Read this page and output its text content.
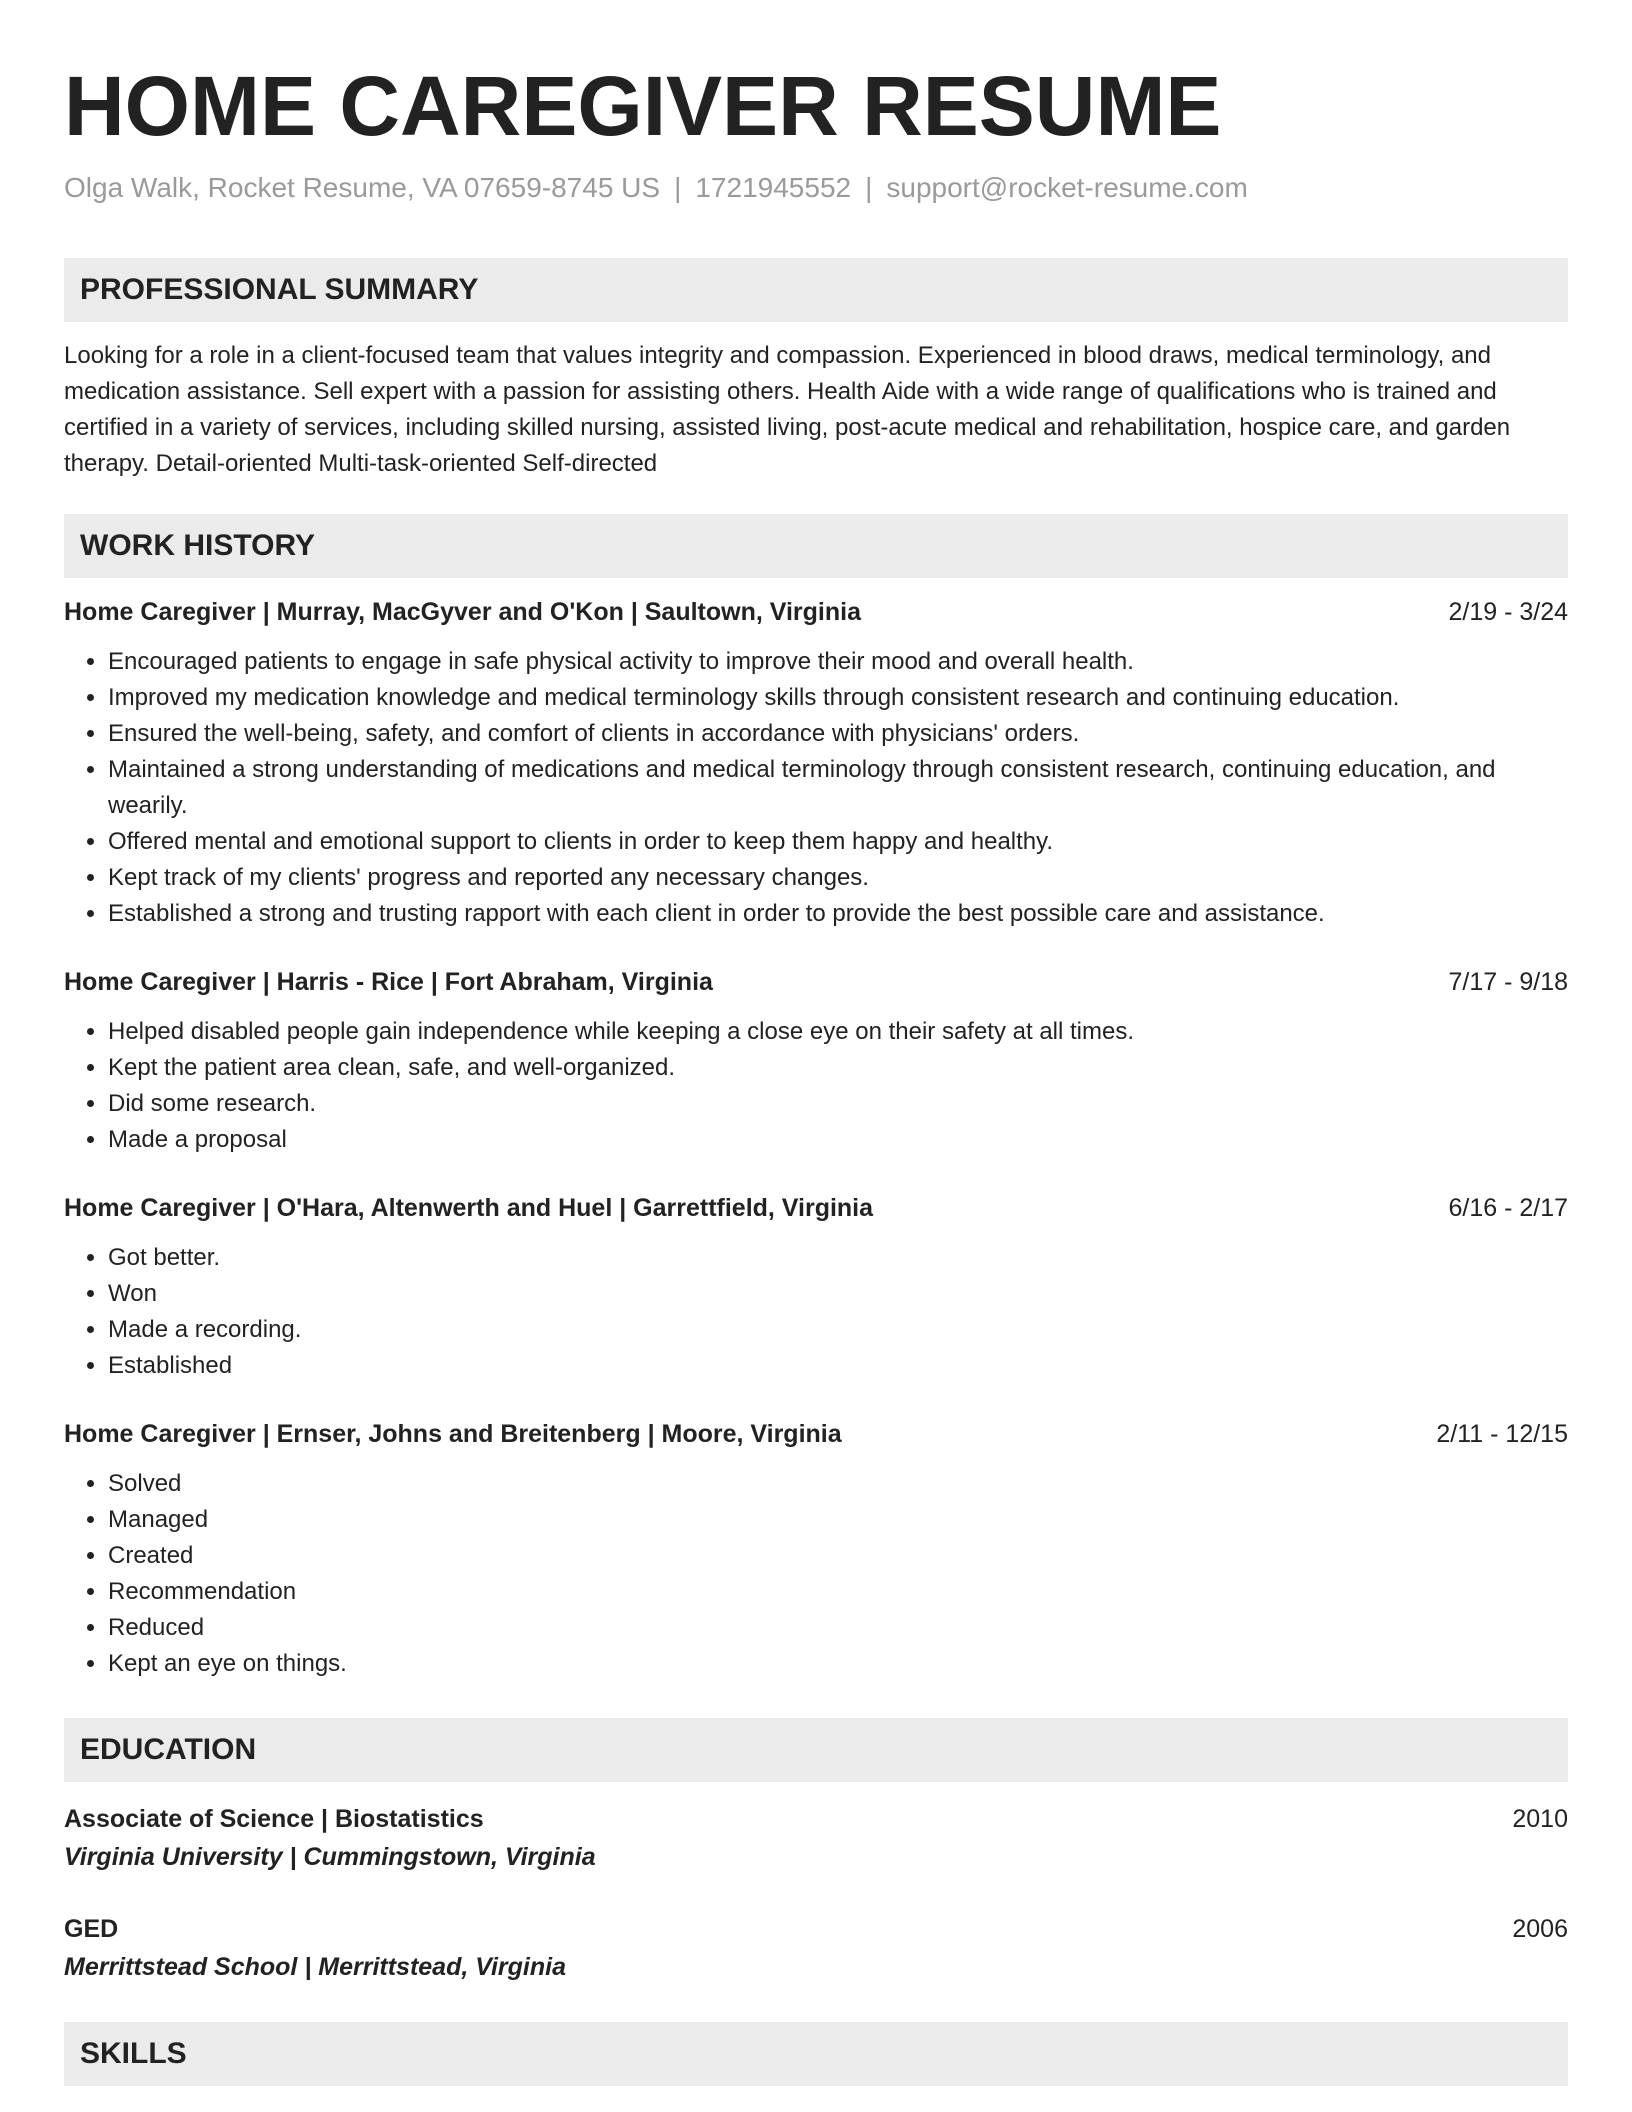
HOME CAREGIVER RESUME
Olga Walk, Rocket Resume, VA 07659-8745 US | 1721945552 | support@rocket-resume.com
PROFESSIONAL SUMMARY
Looking for a role in a client-focused team that values integrity and compassion. Experienced in blood draws, medical terminology, and medication assistance. Sell expert with a passion for assisting others. Health Aide with a wide range of qualifications who is trained and certified in a variety of services, including skilled nursing, assisted living, post-acute medical and rehabilitation, hospice care, and garden therapy. Detail-oriented Multi-task-oriented Self-directed
WORK HISTORY
Home Caregiver | Murray, MacGyver and O'Kon | Saultown, Virginia	2/19 - 3/24
• Encouraged patients to engage in safe physical activity to improve their mood and overall health.
• Improved my medication knowledge and medical terminology skills through consistent research and continuing education.
• Ensured the well-being, safety, and comfort of clients in accordance with physicians' orders.
• Maintained a strong understanding of medications and medical terminology through consistent research, continuing education, and wearily.
• Offered mental and emotional support to clients in order to keep them happy and healthy.
• Kept track of my clients' progress and reported any necessary changes.
• Established a strong and trusting rapport with each client in order to provide the best possible care and assistance.
Home Caregiver | Harris - Rice | Fort Abraham, Virginia	7/17 - 9/18
• Helped disabled people gain independence while keeping a close eye on their safety at all times.
• Kept the patient area clean, safe, and well-organized.
• Did some research.
• Made a proposal
Home Caregiver | O'Hara, Altenwerth and Huel | Garrettfield, Virginia	6/16 - 2/17
• Got better.
• Won
• Made a recording.
• Established
Home Caregiver | Ernser, Johns and Breitenberg | Moore, Virginia	2/11 - 12/15
• Solved
• Managed
• Created
• Recommendation
• Reduced
• Kept an eye on things.
EDUCATION
Associate of Science | Biostatistics	2010
Virginia University | Cummingstown, Virginia
GED	2006
Merrittstead School | Merrittstead, Virginia
SKILLS
